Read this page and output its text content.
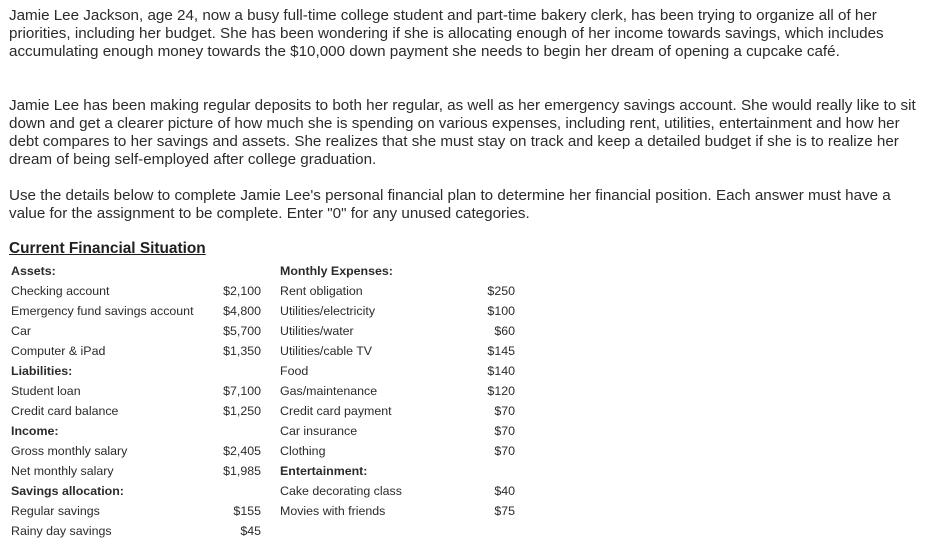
Jamie Lee Jackson, age 24, now a busy full-time college student and part-time bakery clerk, has been trying to organize all of her priorities, including her budget. She has been wondering if she is allocating enough of her income towards savings, which includes accumulating enough money towards the $10,000 down payment she needs to begin her dream of opening a cupcake café.

Jamie Lee has been making regular deposits to both her regular, as well as her emergency savings account. She would really like to sit down and get a clearer picture of how much she is spending on various expenses, including rent, utilities, entertainment and how her debt compares to her savings and assets. She realizes that she must stay on track and keep a detailed budget if she is to realize her dream of being self-employed after college graduation.

Use the details below to complete Jamie Lee's personal financial plan to determine her financial position. Each answer must have a value for the assignment to be complete. Enter "0" for any unused categories.

Current Financial Situation
Assets:
Checking account	$2,100
Emergency fund savings account $4,800
Car	$5,700
Computer & iPad	$1,350
Liabilities:
Student loan	$7,100
Credit card balance	$1,250
Income:
Gross monthly salary	$2,405
Net monthly salary	$1,985
Savings allocation:
Regular savings	$155
Rainy day savings	$45
Monthly Expenses:
Rent obligation	$250
Utilities/electricity	$100
Utilities/water	$60
Utilities/cable TV	$145
Food	$140
Gas/maintenance	$120
Credit card payment	$70
Car insurance	$70
Clothing	$70
Entertainment:
Cake decorating class	$40
Movies with friends	$75
